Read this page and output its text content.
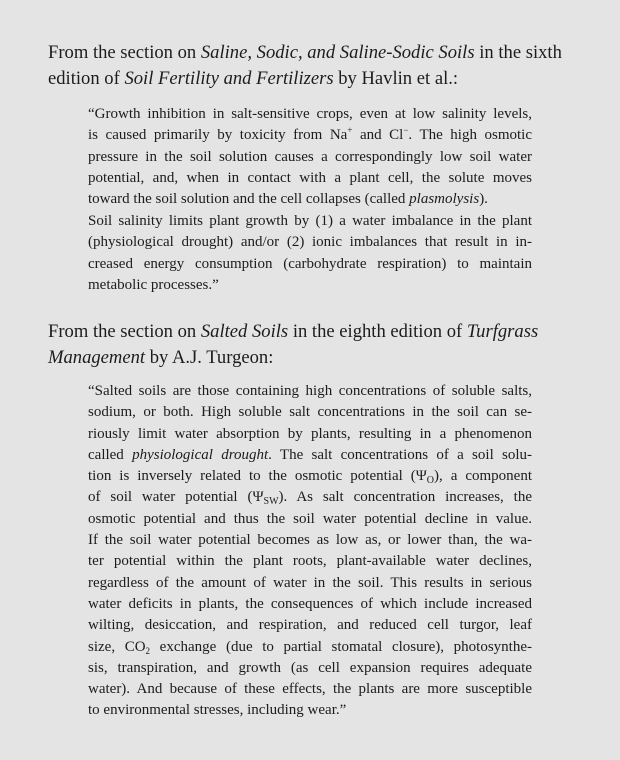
From the section on Saline, Sodic, and Saline-Sodic Soils in the sixth
edition of Soil Fertility and Fertilizers by Havlin et al.:

“Growth inhibition in salt-sensitive crops, even at low salinity levels,
is caused primarily by toxicity from Na+ and Cl−. The high osmotic
pressure in the soil solution causes a correspondingly low soil water
potential, and, when in contact with a plant cell, the solute moves
toward the soil solution and the cell collapses (called plasmolysis).

Soil salinity limits plant growth by (1) a water imbalance in the plant
(physiological drought) and/or (2) ionic imbalances that result in in-
creased energy consumption (carbohydrate respiration) to maintain
metabolic processes.”

From the section on Salted Soils in the eighth edition of Turfgrass
Management by A.J. Turgeon:

“Salted soils are those containing high concentrations of soluble salts,
sodium, or both. High soluble salt concentrations in the soil can se-
riously limit water absorption by plants, resulting in a phenomenon
called physiological drought. The salt concentrations of a soil solu-
tion is inversely related to the osmotic potential $(\Psi_O)$, a component
of soil water potential $(\Psi_{SW})$. As salt concentration increases, the
osmotic potential and thus the soil water potential decline in value.
If the soil water potential becomes as low as, or lower than, the wa-
ter potential within the plant roots, plant-available water declines,
regardless of the amount of water in the soil. This results in serious
water deficits in plants, the consequences of which include increased
wilting, desiccation, and respiration, and reduced cell turgor, leaf
size, $CO_2$ exchange (due to partial stomatal closure), photosynthe-
sis, transpiration, and growth (as cell expansion requires adequate
water). And because of these effects, the plants are more susceptible
to environmental stresses, including wear.”
